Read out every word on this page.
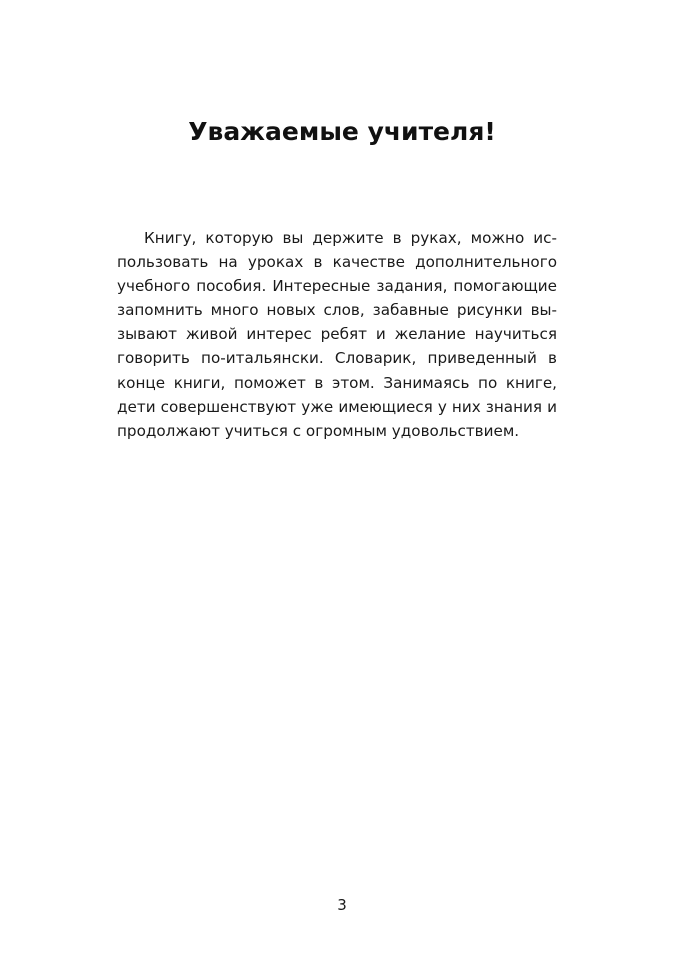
Уважаемые учителя!
Книгу, которую вы держите в руках, можно ис-
пользовать на уроках в качестве дополнительного
учебного пособия. Интересные задания, помогающие
запомнить много новых слов, забавные рисунки вы-
зывают живой интерес ребят и желание научиться
говорить по-итальянски. Словарик, приведенный в
конце книги, поможет в этом. Занимаясь по книге,
дети совершенствуют уже имеющиеся у них знания и
продолжают учиться с огромным удовольствием.
3
